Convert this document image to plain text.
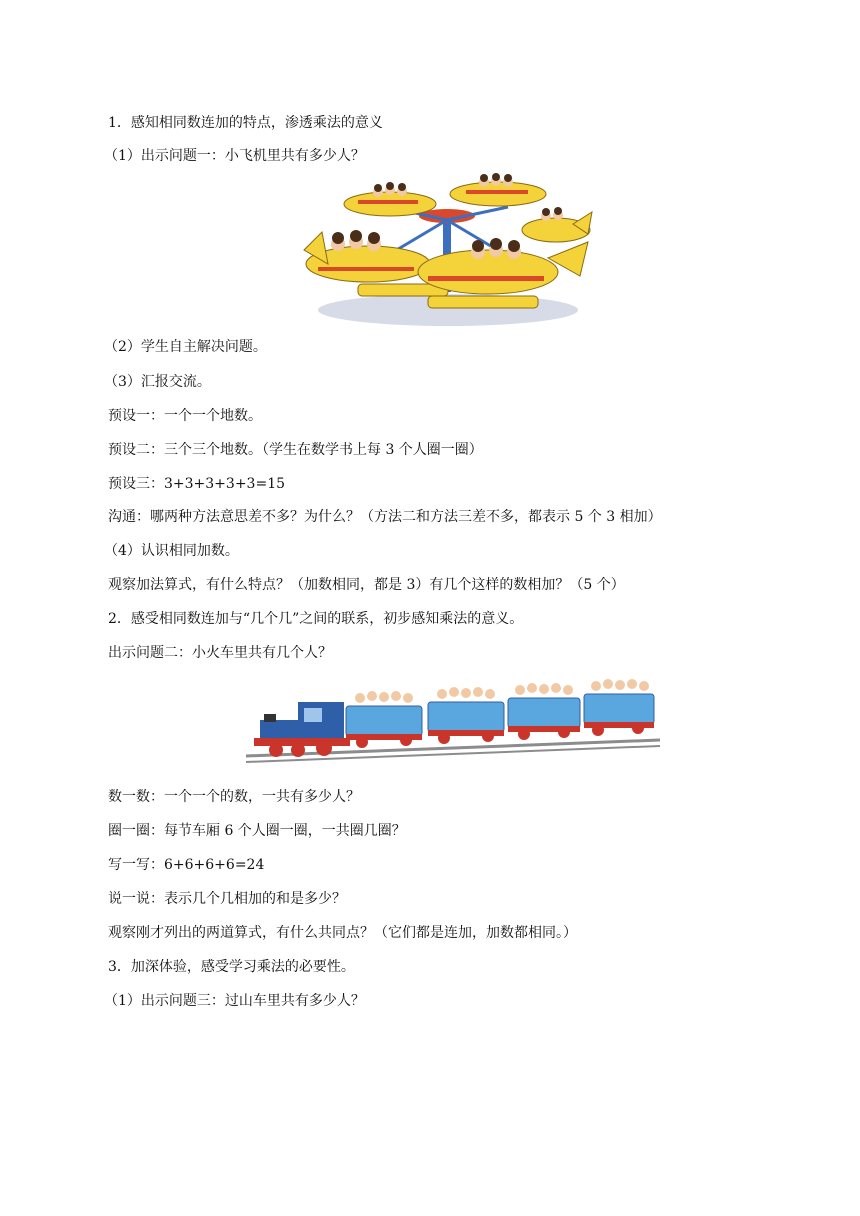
1．感知相同数连加的特点，渗透乘法的意义
（1）出示问题一：小飞机里共有多少人？
（2）学生自主解决问题。
（3）汇报交流。
预设一：一个一个地数。
预设二：三个三个地数。（学生在数学书上每 3 个人圈一圈）
预设三：3+3+3+3+3=15
沟通：哪两种方法意思差不多？为什么？（方法二和方法三差不多，都表示 5 个 3 相加）
（4）认识相同加数。
观察加法算式，有什么特点？（加数相同，都是 3）有几个这样的数相加？（5 个）
2．感受相同数连加与“几个几”之间的联系，初步感知乘法的意义。
出示问题二：小火车里共有几个人？
数一数：一个一个的数，一共有多少人？
圈一圈：每节车厢 6 个人圈一圈，一共圈几圈？
写一写：6+6+6+6=24
说一说：表示几个几相加的和是多少？
观察刚才列出的两道算式，有什么共同点？（它们都是连加，加数都相同。）
3．加深体验，感受学习乘法的必要性。
（1）出示问题三：过山车里共有多少人？
